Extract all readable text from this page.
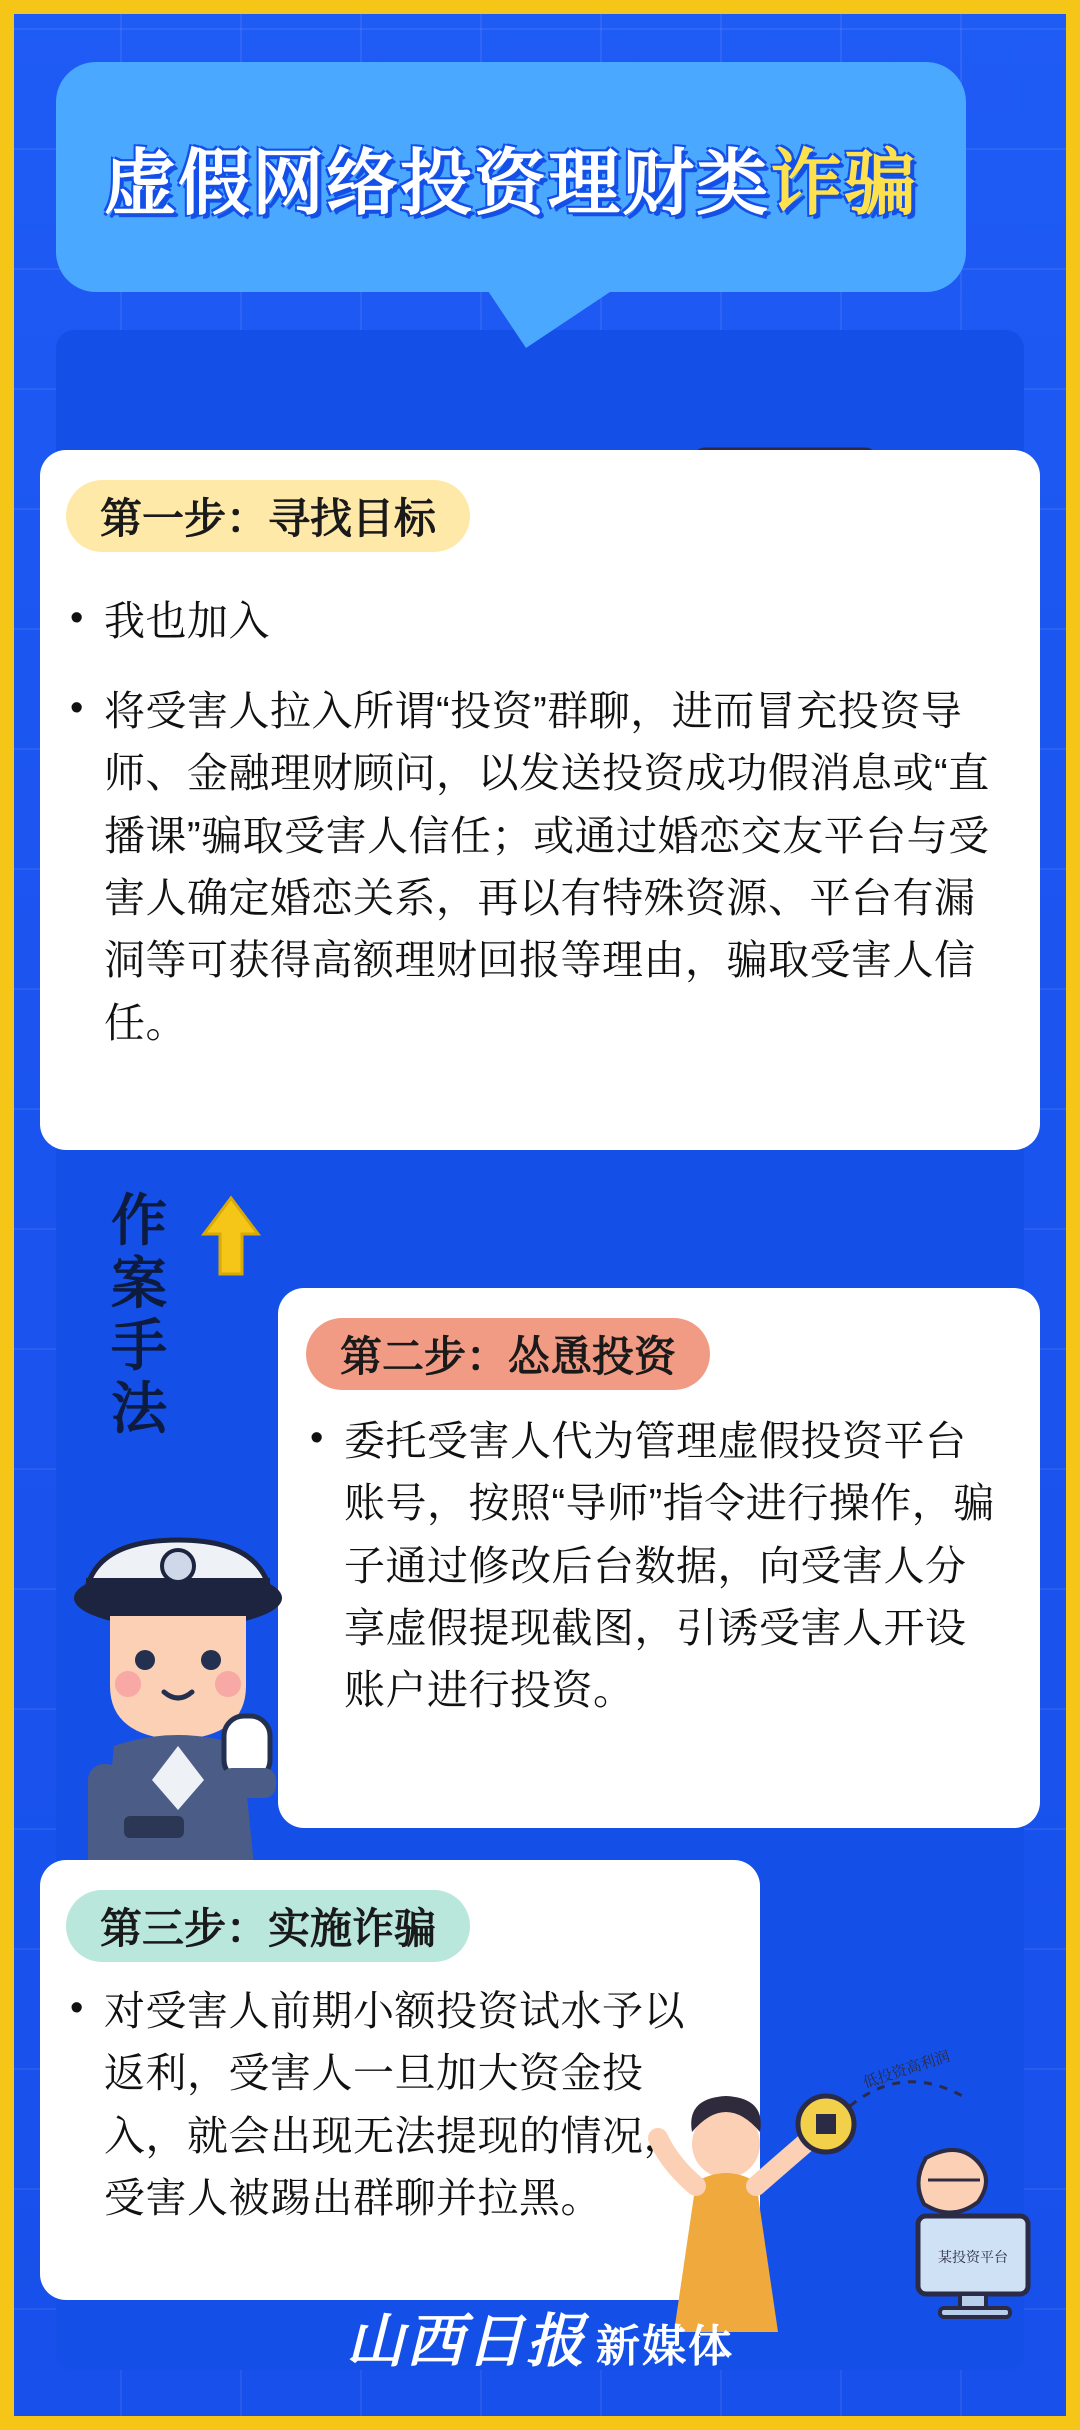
虚假网络投资理财类 诈骗
第一步：寻找目标
• 我也加入
• 将受害人拉入所谓“投资”群聊，进而冒充投资导师、金融理财顾问，以发送投资成功假消息或“直播课”骗取受害人信任；或通过婚恋交友平台与受害人确定婚恋关系，再以有特殊资源、平台有漏洞等可获得高额理财回报等理由，骗取受害人信任。
作案手法
第二步：怂恿投资
• 委托受害人代为管理虚假投资平台账号，按照“导师”指令进行操作，骗子通过修改后台数据，向受害人分享虚假提现截图，引诱受害人开设账户进行投资。
第三步：实施诈骗
• 对受害人前期小额投资试水予以返利，受害人一旦加大资金投入，就会出现无法提现的情况，受害人被踢出群聊并拉黑。
低投资高利润
某投资平台
山西日报 新媒体
